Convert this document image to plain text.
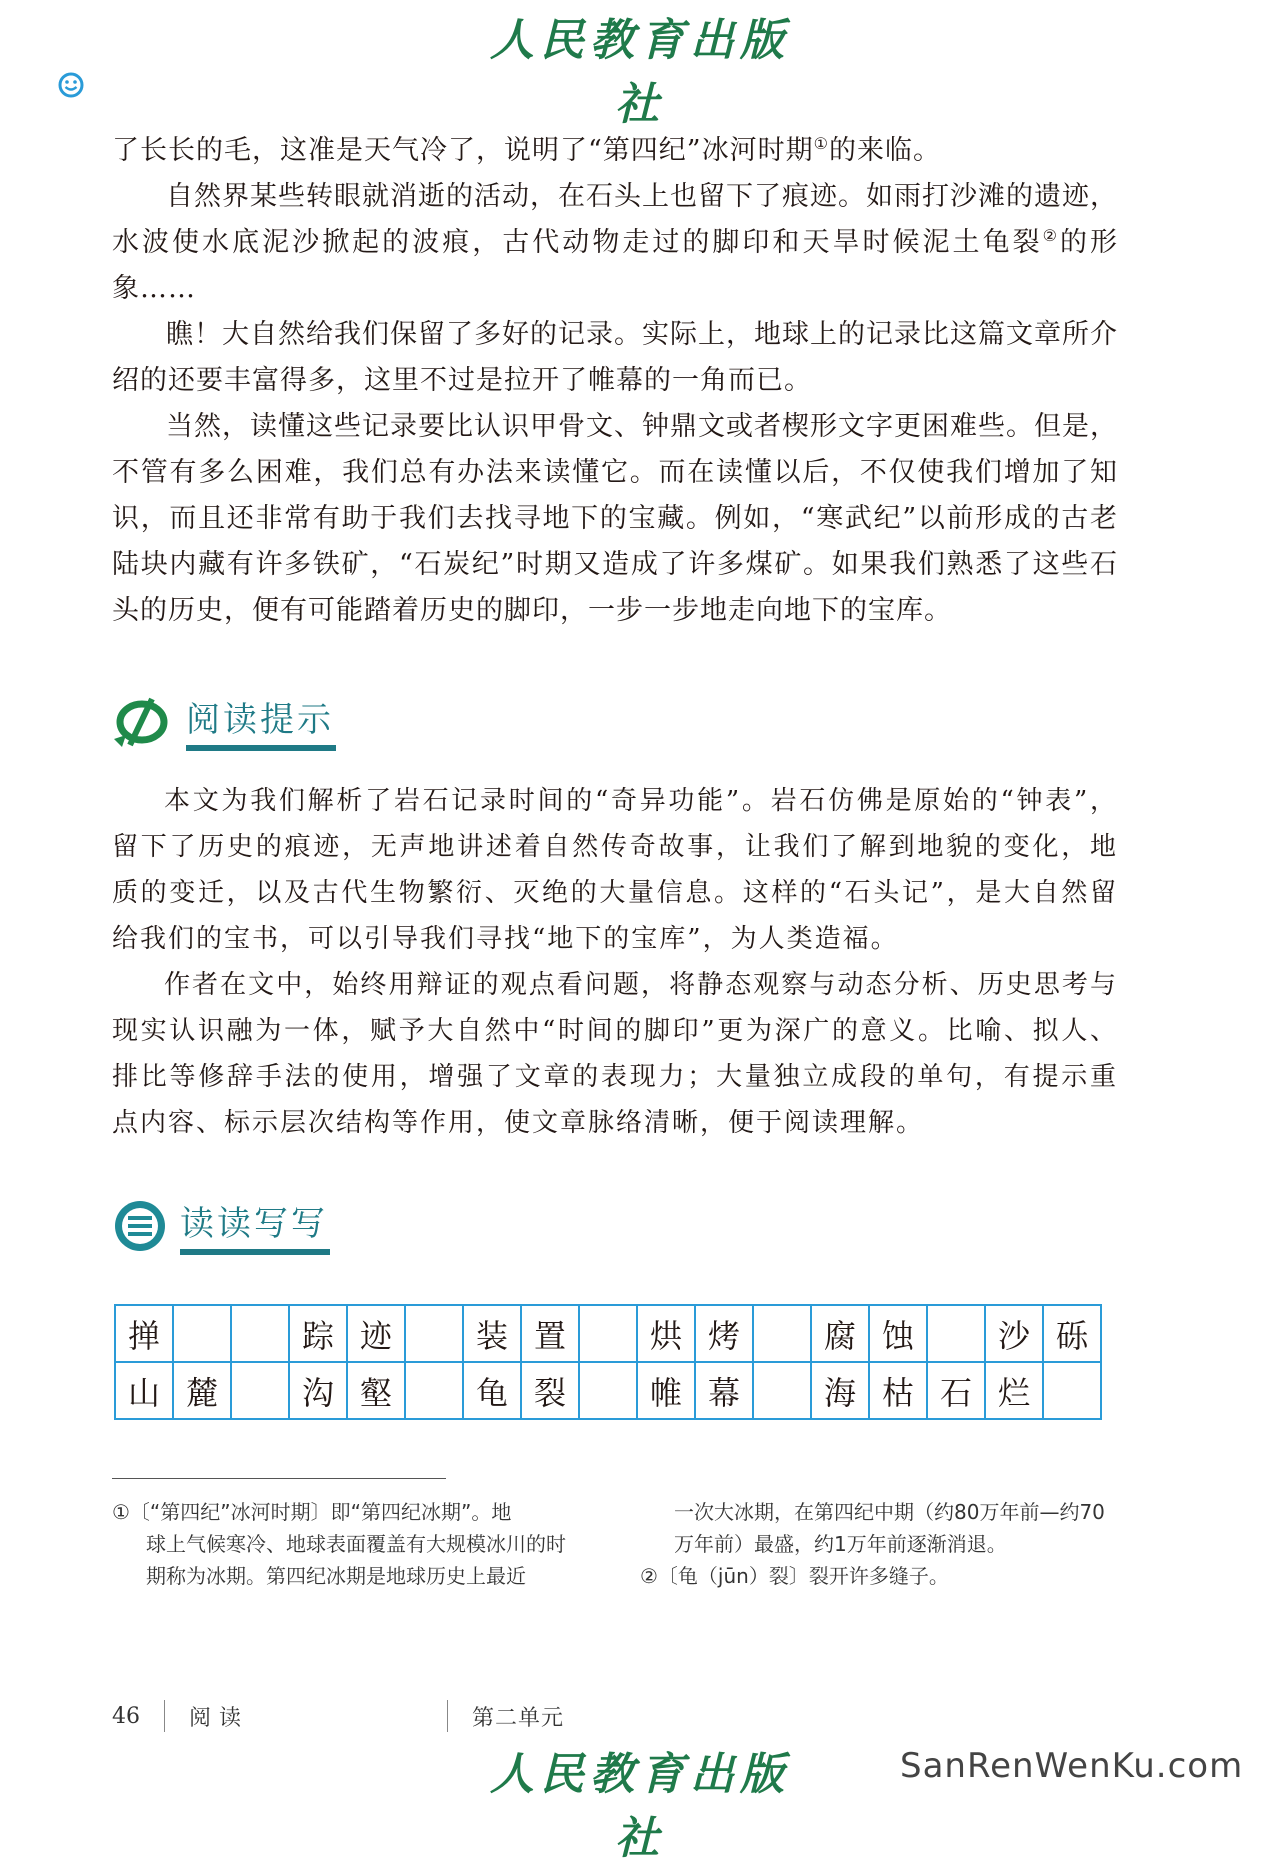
人民教育出版社

了长长的毛，这准是天气冷了，说明了“第四纪”冰河时期①的来临。

自然界某些转眼就消逝的活动，在石头上也留下了痕迹。如雨打沙滩的遗迹，水波使水底泥沙掀起的波痕，古代动物走过的脚印和天旱时候泥土龟裂②的形象……

瞧！大自然给我们保留了多好的记录。实际上，地球上的记录比这篇文章所介绍的还要丰富得多，这里不过是拉开了帷幕的一角而已。

当然，读懂这些记录要比认识甲骨文、钟鼎文或者楔形文字更困难些。但是，不管有多么困难，我们总有办法来读懂它。而在读懂以后，不仅使我们增加了知识，而且还非常有助于我们去找寻地下的宝藏。例如，“寒武纪”以前形成的古老陆块内藏有许多铁矿，“石炭纪”时期又造成了许多煤矿。如果我们熟悉了这些石头的历史，便有可能踏着历史的脚印，一步一步地走向地下的宝库。

阅读提示

本文为我们解析了岩石记录时间的“奇异功能”。岩石仿佛是原始的“钟表”，留下了历史的痕迹，无声地讲述着自然传奇故事，让我们了解到地貌的变化，地质的变迁，以及古代生物繁衍、灭绝的大量信息。这样的“石头记”，是大自然留给我们的宝书，可以引导我们寻找“地下的宝库”，为人类造福。

作者在文中，始终用辩证的观点看问题，将静态观察与动态分析、历史思考与现实认识融为一体，赋予大自然中“时间的脚印”更为深广的意义。比喻、拟人、排比等修辞手法的使用，增强了文章的表现力；大量独立成段的单句，有提示重点内容、标示层次结构等作用，使文章脉络清晰，便于阅读理解。

读读写写
掸			踪	迹		装	置		烘	烤		腐	蚀		沙	砾
山	麓		沟	壑		龟	裂		帷	幕		海	枯	石	烂	

①〔“第四纪”冰河时期〕即“第四纪冰期”。地

球上气候寒冷、地球表面覆盖有大规模冰川的时期称为冰期。第四纪冰期是地球历史上最近

一次大冰期，在第四纪中期（约80万年前—约70万年前）最盛，约1万年前逐渐消退。

②〔龟（jūn）裂〕裂开许多缝子。

46	阅读	第二单元
人民教育出版社
SanRenWenKu.com
